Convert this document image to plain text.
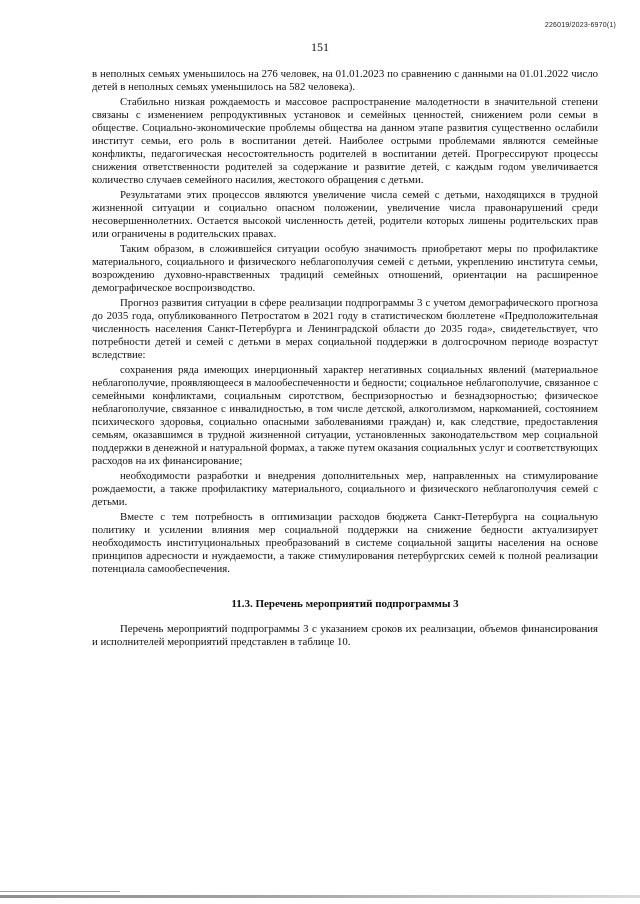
226019/2023-6970(1)
151

в неполных семьях уменьшилось на 276 человек, на 01.01.2023 по сравнению с данными на 01.01.2022 число детей в неполных семьях уменьшилось на 582 человека).

Стабильно низкая рождаемость и массовое распространение малодетности в значительной степени связаны с изменением репродуктивных установок и семейных ценностей, снижением роли семьи в обществе. Социально-экономические проблемы общества на данном этапе развития существенно ослабили институт семьи, его роль в воспитании детей. Наиболее острыми проблемами являются семейные конфликты, педагогическая несостоятельность родителей в воспитании детей. Прогрессируют процессы снижения ответственности родителей за содержание и развитие детей, с каждым годом увеличивается количество случаев семейного насилия, жестокого обращения с детьми.

Результатами этих процессов являются увеличение числа семей с детьми, находящихся в трудной жизненной ситуации и социально опасном положении, увеличение числа правонарушений среди несовершеннолетних. Остается высокой численность детей, родители которых лишены родительских прав или ограничены в родительских правах.

Таким образом, в сложившейся ситуации особую значимость приобретают меры по профилактике материального, социального и физического неблагополучия семей с детьми, укреплению института семьи, возрождению духовно-нравственных традиций семейных отношений, ориентации на расширенное демографическое воспроизводство.

Прогноз развития ситуации в сфере реализации подпрограммы 3 с учетом демографического прогноза до 2035 года, опубликованного Петростатом в 2021 году в статистическом бюллетене «Предположительная численность населения Санкт-Петербурга и Ленинградской области до 2035 года», свидетельствует, что потребности детей и семей с детьми в мерах социальной поддержки в долгосрочном периоде возрастут вследствие:

сохранения ряда имеющих инерционный характер негативных социальных явлений (материальное неблагополучие, проявляющееся в малообеспеченности и бедности; социальное неблагополучие, связанное с семейными конфликтами, социальным сиротством, беспризорностью и безнадзорностью; физическое неблагополучие, связанное с инвалидностью, в том числе детской, алкоголизмом, наркоманией, состоянием психического здоровья, социально опасными заболеваниями граждан) и, как следствие, предоставления семьям, оказавшимся в трудной жизненной ситуации, установленных законодательством мер социальной поддержки в денежной и натуральной формах, а также путем оказания социальных услуг и соответствующих расходов на их финансирование;

необходимости разработки и внедрения дополнительных мер, направленных на стимулирование рождаемости, а также профилактику материального, социального и физического неблагополучия семей с детьми.

Вместе с тем потребность в оптимизации расходов бюджета Санкт-Петербурга на социальную политику и усилении влияния мер социальной поддержки на снижение бедности актуализирует необходимость институциональных преобразований в системе социальной защиты населения на основе принципов адресности и нуждаемости, а также стимулирования петербургских семей к полной реализации потенциала самообеспечения.

11.3. Перечень мероприятий подпрограммы 3

Перечень мероприятий подпрограммы 3 с указанием сроков их реализации, объемов финансирования и исполнителей мероприятий представлен в таблице 10.
